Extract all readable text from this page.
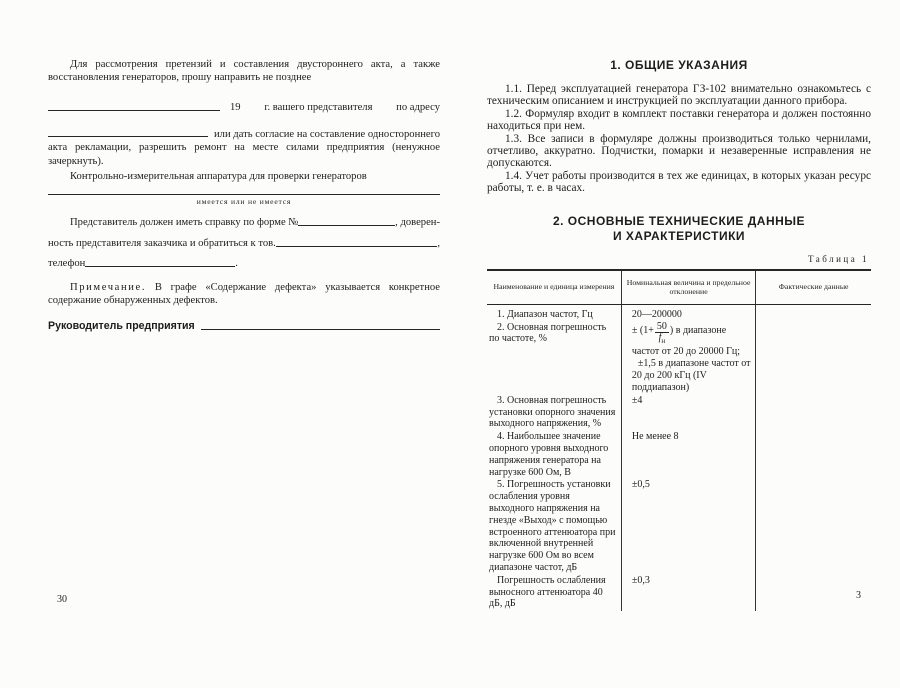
Для рассмотрения претензий и составления двустороннего акта, а также восстановления генераторов, прошу направить не позднее

19 г. вашего представителя по адресу

или дать согласие на составление одностороннего акта рекламации, разрешить ремонт на месте силами предприятия (ненужное зачеркнуть).

Контрольно-измерительная аппаратура для проверки генераторов

имеется или не имеется
Представитель должен иметь справку по форме №	, доверен-
ность представителя заказчика и обратиться к тов.	,
телефон	.

Примечание. В графе «Содержание дефекта» указывается конкретное содержание обнаруженных дефектов.

Руководитель предприятия
1. ОБЩИЕ УКАЗАНИЯ

1.1. Перед эксплуатацией генератора ГЗ-102 внимательно ознакомьтесь с техническим описанием и инструкцией по эксплуатации данного прибора.

1.2. Формуляр входит в комплект поставки генератора и должен постоянно находиться при нем.

1.3. Все записи в формуляре должны производиться только чернилами, отчетливо, аккуратно. Подчистки, помарки и незаверенные исправления не допускаются.

1.4. Учет работы производится в тех же единицах, в которых указан ресурс работы, т. е. в часах.

2. ОСНОВНЫЕ ТЕХНИЧЕСКИЕ ДАННЫЕ
И ХАРАКТЕРИСТИКИ
Таблица 1
Наименование и единица измерения	Номинальная величина и предельное отклонение	Фактические данные
1. Диапазон частот, Гц	20—200000	
2. Основная погрешность по частоте, %	± ($1+ \frac{50}{f_н}$ ) в диапазоне частот от 20 до 20000 Гц;
±1,5 в диапазоне частот от 20 до 200 кГц (IV поддиапазон)	

3. Основная погрешность установки опорного значения выходного напряжения, %	±4	
4. Наибольшее значение опорного уровня выходного напряжения генератора на нагрузке 600 Ом, В	Не менее 8	
5. Погрешность установки ослабления уровня выходного напряжения на гнезде «Выход» с помощью встроенного аттенюатора при включенной внутренней нагрузке 600 Ом во всем диапазоне частот, дБ	±0,5	
Погрешность ослабления выносного аттенюатора 40 дБ, дБ	±0,3	
30	3
